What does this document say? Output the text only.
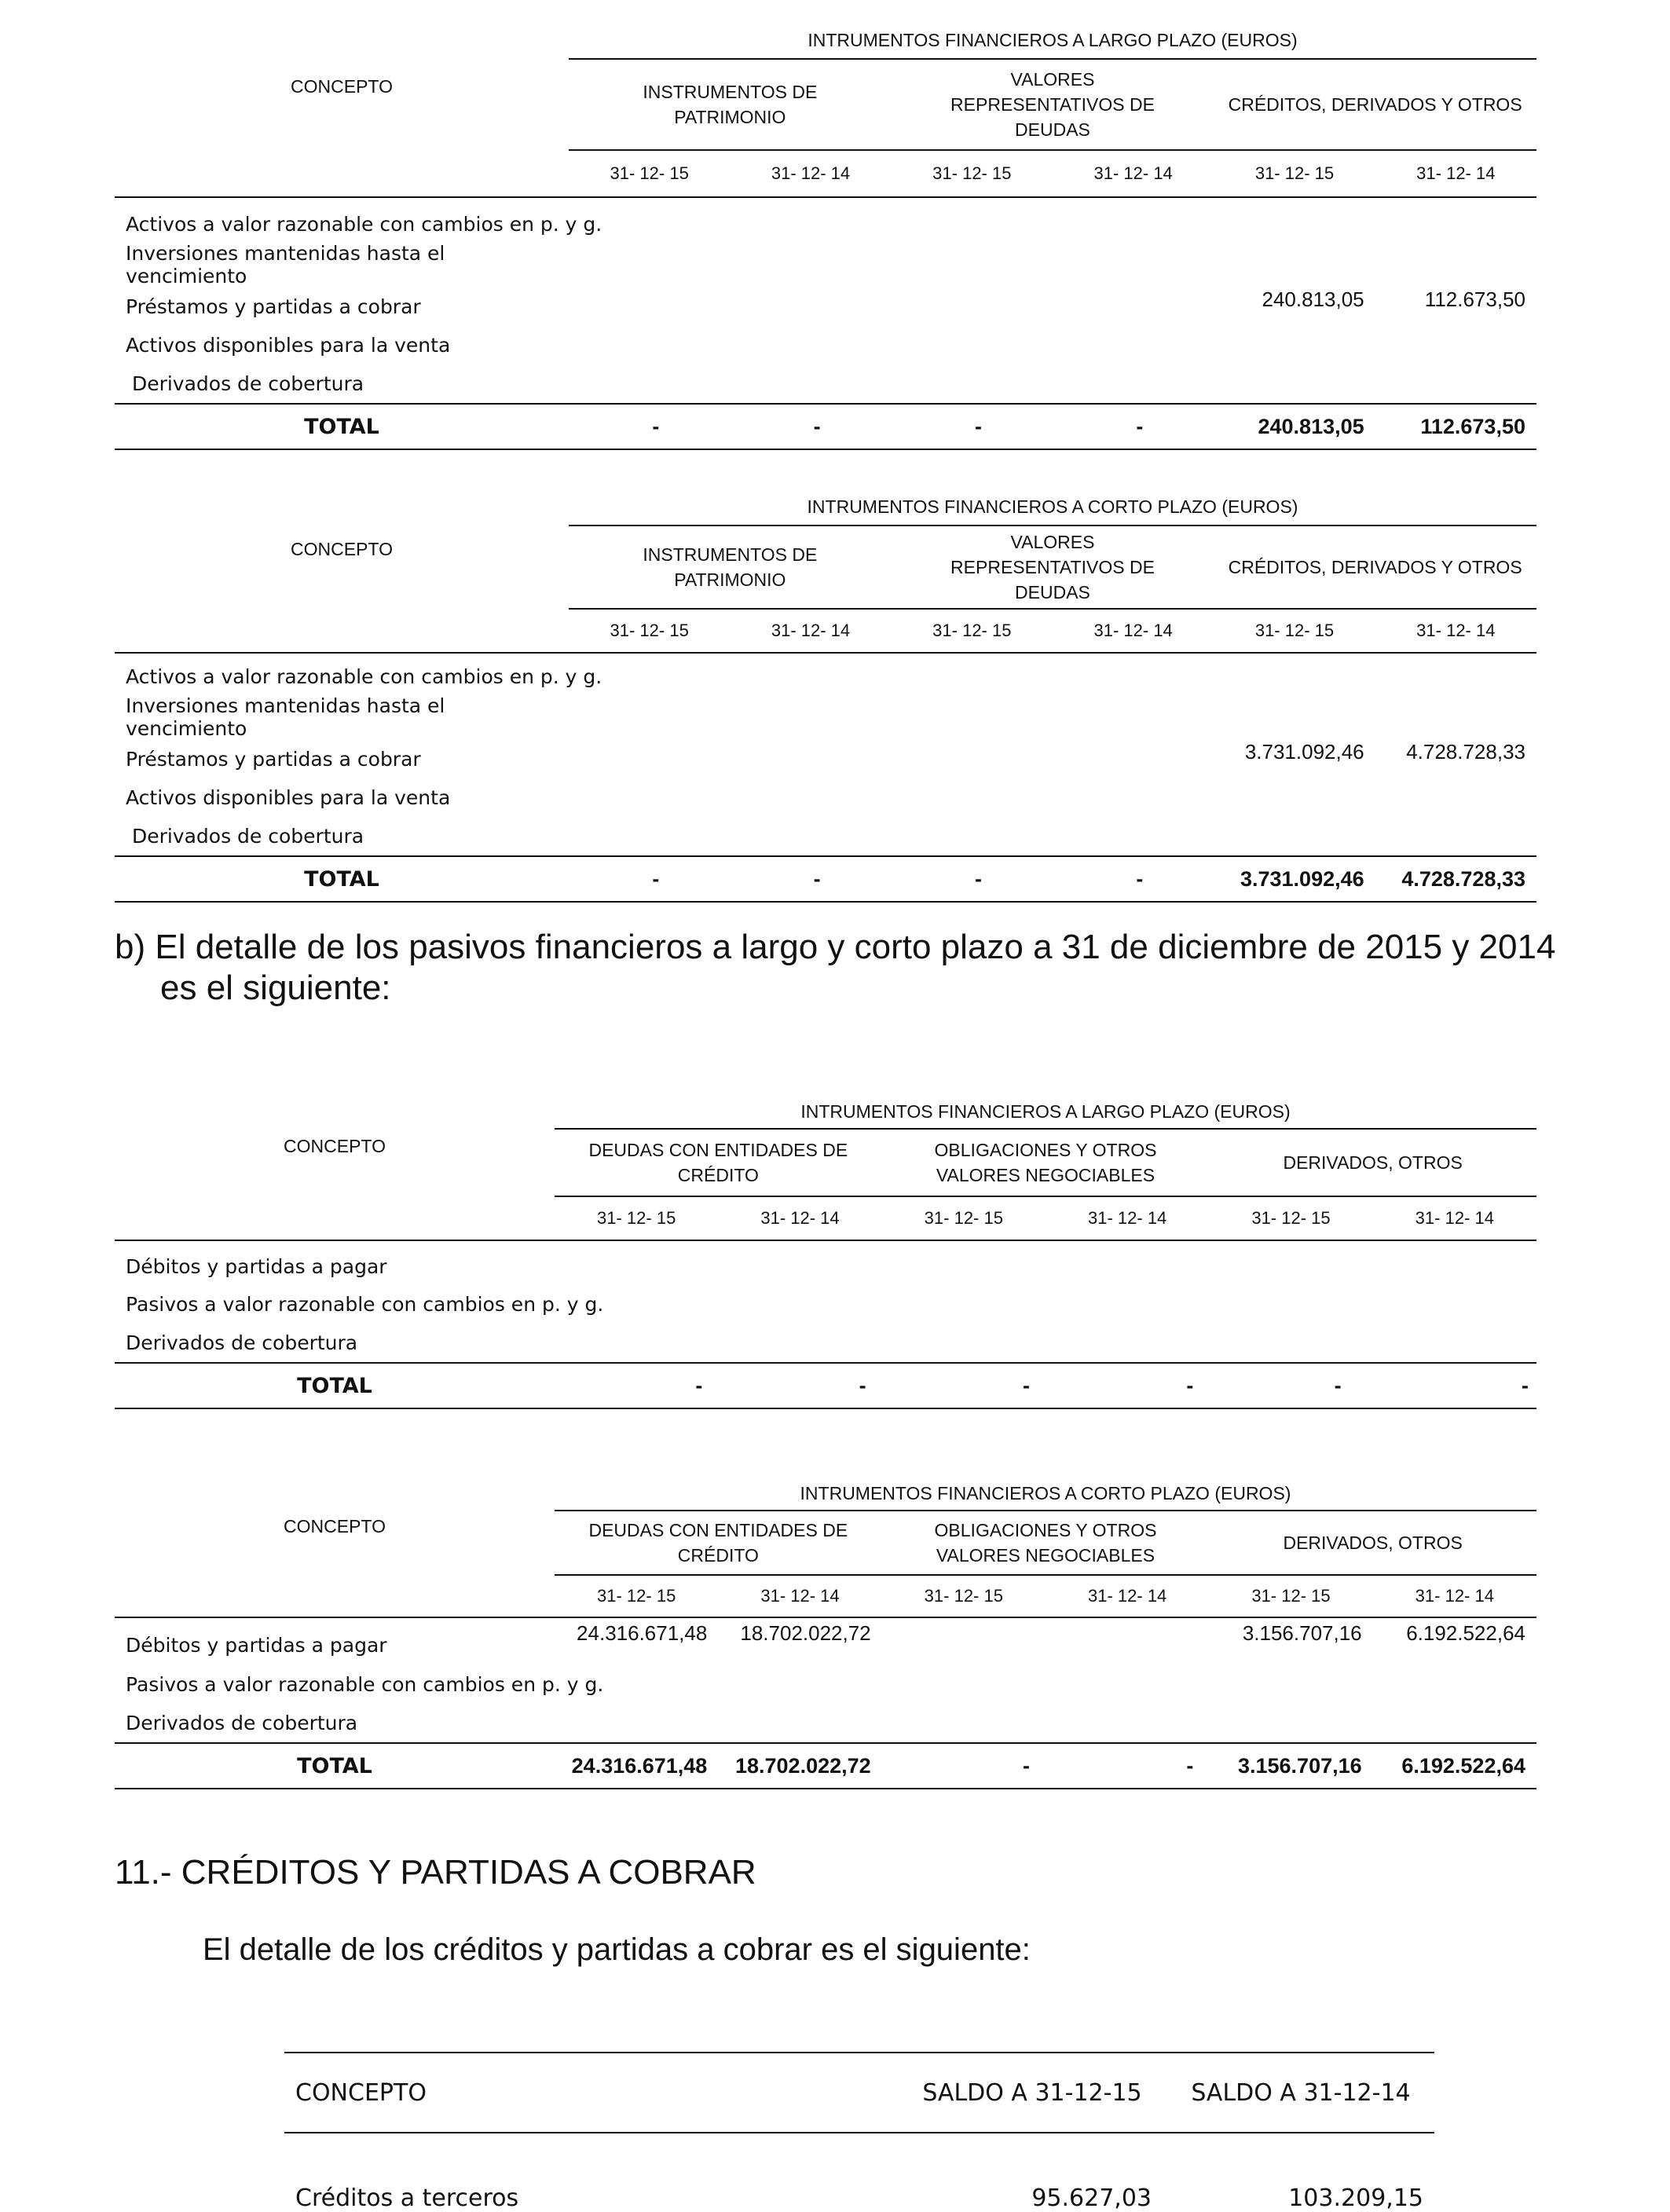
CONCEPTO	INTRUMENTOS FINANCIEROS A LARGO PLAZO (EUROS)					
	INSTRUMENTOS DE PATRIMONIO		VALORES REPRESENTATIVOS DE DEUDAS		CRÉDITOS, DERIVADOS Y OTROS	
	31- 12- 15	31- 12- 14	31- 12- 15	31- 12- 14	31- 12- 15	31- 12- 14
Activos a valor razonable con cambios en p. y g.						
Inversiones mantenidas hasta el vencimiento						
Préstamos y partidas a cobrar					240.813,05	112.673,50
Activos disponibles para la venta						
Derivados de cobertura						
TOTAL	-	-	-	-	240.813,05	112.673,50
CONCEPTO	INTRUMENTOS FINANCIEROS A CORTO PLAZO (EUROS)					
	INSTRUMENTOS DE PATRIMONIO		VALORES REPRESENTATIVOS DE DEUDAS		CRÉDITOS, DERIVADOS Y OTROS	
	31- 12- 15	31- 12- 14	31- 12- 15	31- 12- 14	31- 12- 15	31- 12- 14
Activos a valor razonable con cambios en p. y g.						
Inversiones mantenidas hasta el vencimiento						
Préstamos y partidas a cobrar					3.731.092,46	4.728.728,33
Activos disponibles para la venta						
Derivados de cobertura						
TOTAL	-	-	-	-	3.731.092,46	4.728.728,33
b) El detalle de los pasivos financieros a largo y corto plazo a 31 de diciembre de 2015 y 2014
es el siguiente:
CONCEPTO	INTRUMENTOS FINANCIEROS A LARGO PLAZO (EUROS)					
	DEUDAS CON ENTIDADES DE CRÉDITO		OBLIGACIONES Y OTROS VALORES NEGOCIABLES		DERIVADOS, OTROS	
	31- 12- 15	31- 12- 14	31- 12- 15	31- 12- 14	31- 12- 15	31- 12- 14
Débitos y partidas a pagar						
Pasivos a valor razonable con cambios en p. y g.						
Derivados de cobertura						
TOTAL	-	-	-	-	-	-
CONCEPTO	INTRUMENTOS FINANCIEROS A CORTO PLAZO (EUROS)					
	DEUDAS CON ENTIDADES DE CRÉDITO		OBLIGACIONES Y OTROS VALORES NEGOCIABLES		DERIVADOS, OTROS	
	31- 12- 15	31- 12- 14	31- 12- 15	31- 12- 14	31- 12- 15	31- 12- 14
Débitos y partidas a pagar	24.316.671,48	18.702.022,72			3.156.707,16	6.192.522,64
Pasivos a valor razonable con cambios en p. y g.						
Derivados de cobertura						
TOTAL	24.316.671,48	18.702.022,72	-	-	3.156.707,16	6.192.522,64
11.- CRÉDITOS Y PARTIDAS A COBRAR
El detalle de los créditos y partidas a cobrar es el siguiente:
CONCEPTO	SALDO A 31-12-15	SALDO A 31-12-14
Créditos a terceros	95.627,03	103.209,15
